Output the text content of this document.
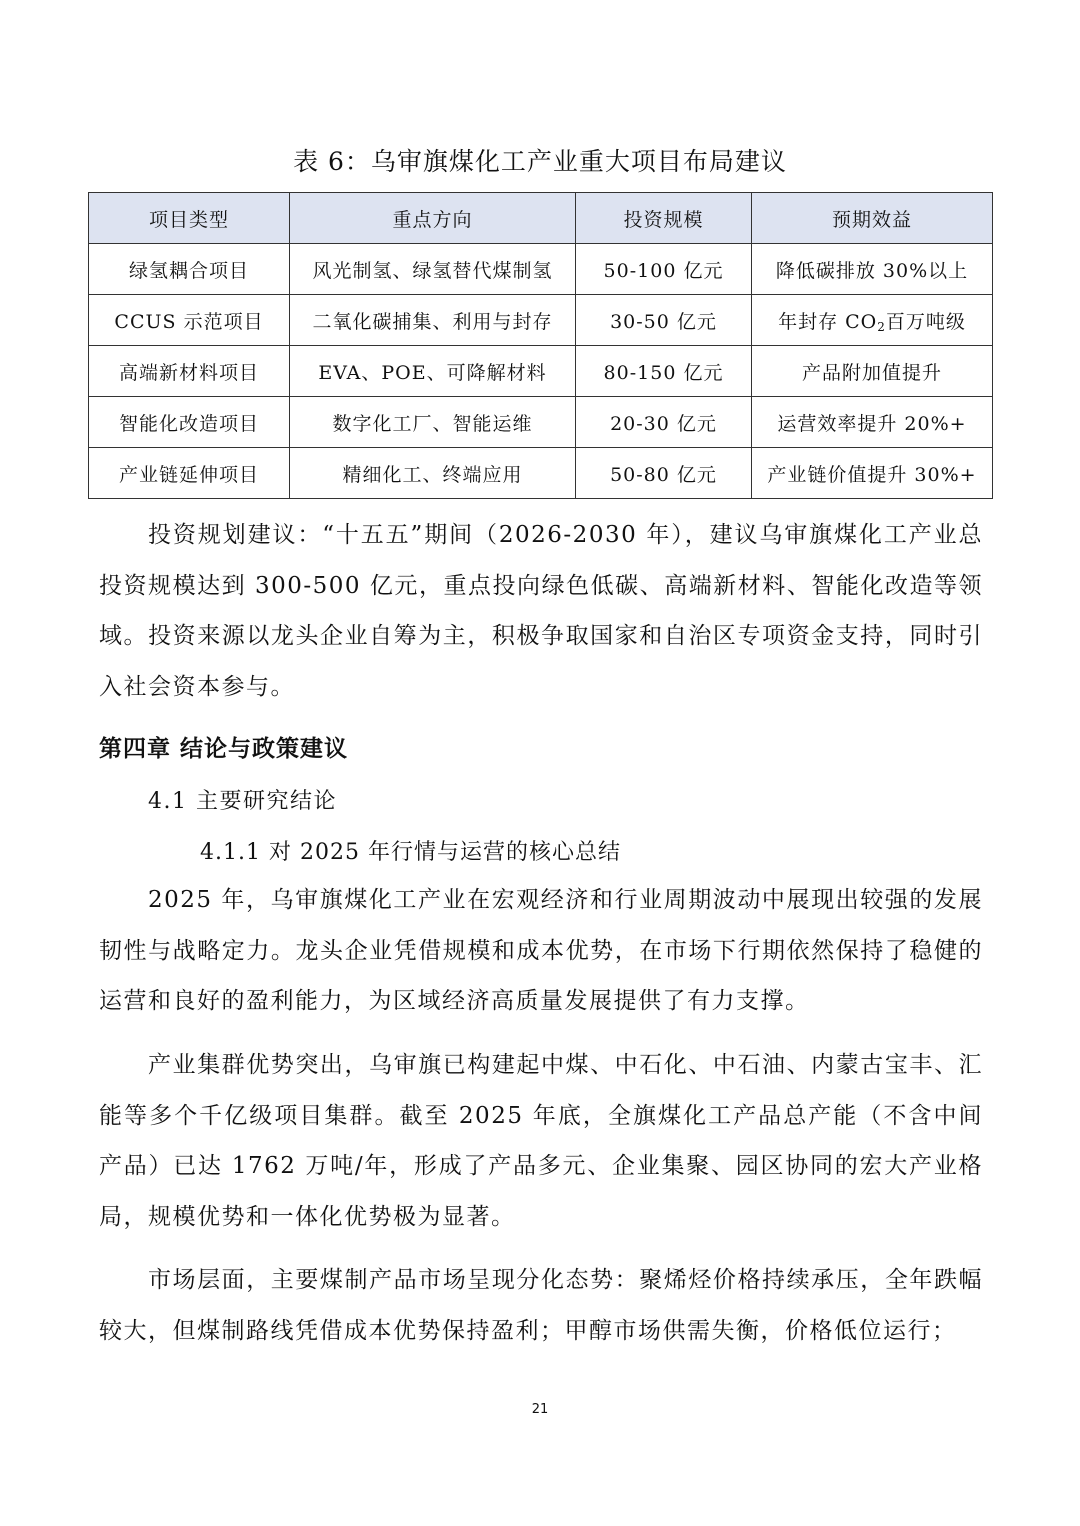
表 6：乌审旗煤化工产业重大项目布局建议
项目类型	重点方向	投资规模	预期效益
绿氢耦合项目	风光制氢、绿氢替代煤制氢	50-100 亿元	降低碳排放 30%以上
CCUS 示范项目	二氧化碳捕集、利用与封存	30-50 亿元	年封存 $CO_2$百万吨级
高端新材料项目	EVA、POE、可降解材料	80-150 亿元	产品附加值提升
智能化改造项目	数字化工厂、智能运维	20-30 亿元	运营效率提升 20%+
产业链延伸项目	精细化工、终端应用	50-80 亿元	产业链价值提升 30%+

投资规划建议：“十五五”期间（2026-2030 年），建议乌审旗煤化工产业总投资规模达到 300-500 亿元，重点投向绿色低碳、高端新材料、智能化改造等领域。投资来源以龙头企业自筹为主，积极争取国家和自治区专项资金支持，同时引入社会资本参与。

第四章 结论与政策建议
4.1 主要研究结论
4.1.1 对 2025 年行情与运营的核心总结

2025 年，乌审旗煤化工产业在宏观经济和行业周期波动中展现出较强的发展韧性与战略定力。龙头企业凭借规模和成本优势，在市场下行期依然保持了稳健的运营和良好的盈利能力，为区域经济高质量发展提供了有力支撑。

产业集群优势突出，乌审旗已构建起中煤、中石化、中石油、内蒙古宝丰、汇能等多个千亿级项目集群。截至 2025 年底，全旗煤化工产品总产能（不含中间产品）已达 1762 万吨/年，形成了产品多元、企业集聚、园区协同的宏大产业格局，规模优势和一体化优势极为显著。

市场层面，主要煤制产品市场呈现分化态势：聚烯烃价格持续承压，全年跌幅较大，但煤制路线凭借成本优势保持盈利；甲醇市场供需失衡，价格低位运行；

21
